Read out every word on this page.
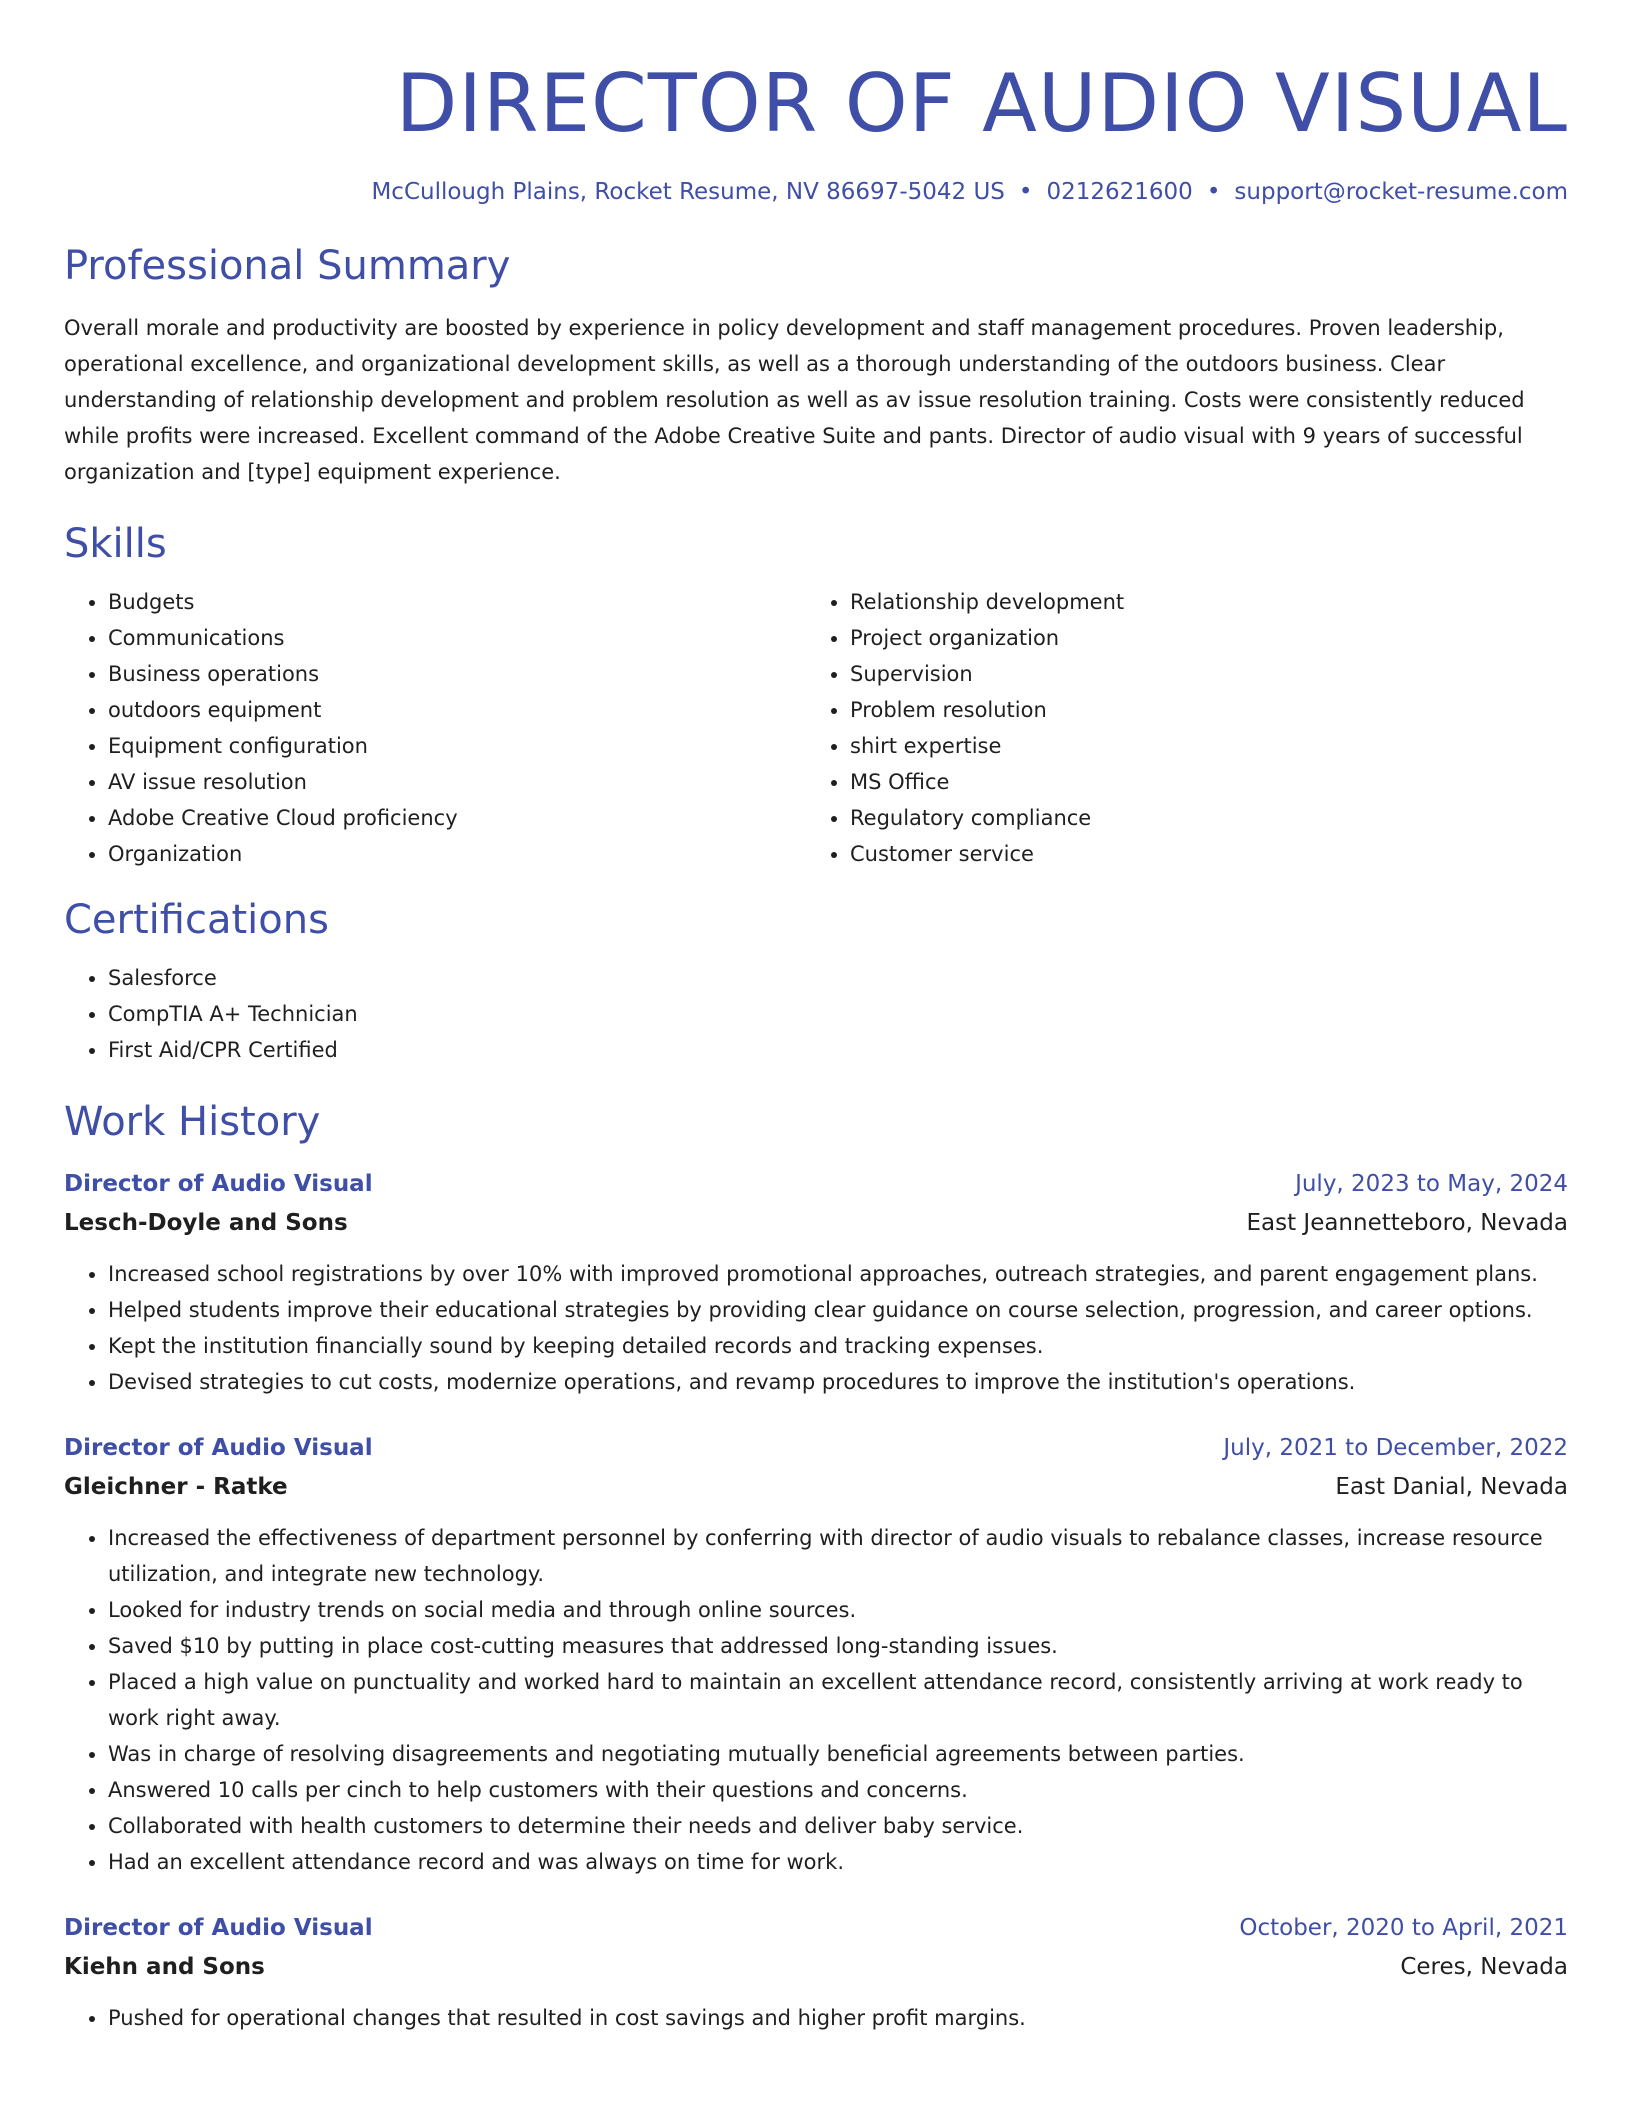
DIRECTOR OF AUDIO VISUAL
McCullough Plains, Rocket Resume, NV 86697-5042 US • 0212621600 • support@rocket-resume.com
Professional Summary

Overall morale and productivity are boosted by experience in policy development and staff management procedures. Proven leadership, operational excellence, and organizational development skills, as well as a thorough understanding of the outdoors business. Clear understanding of relationship development and problem resolution as well as av issue resolution training. Costs were consistently reduced while profits were increased. Excellent command of the Adobe Creative Suite and pants. Director of audio visual with 9 years of successful organization and [type] equipment experience.

Skills
• Budgets
• Communications
• Business operations
• outdoors equipment
• Equipment configuration
• AV issue resolution
• Adobe Creative Cloud proficiency
• Organization
• Relationship development
• Project organization
• Supervision
• Problem resolution
• shirt expertise
• MS Office
• Regulatory compliance
• Customer service
Certifications
• Salesforce
• CompTIA A+ Technician
• First Aid/CPR Certified
Work History
Director of Audio Visual	July, 2023 to May, 2024
Lesch-Doyle and Sons	East Jeannetteboro, Nevada
• Increased school registrations by over 10% with improved promotional approaches, outreach strategies, and parent engagement plans.
• Helped students improve their educational strategies by providing clear guidance on course selection, progression, and career options.
• Kept the institution financially sound by keeping detailed records and tracking expenses.
• Devised strategies to cut costs, modernize operations, and revamp procedures to improve the institution's operations.
Director of Audio Visual	July, 2021 to December, 2022
Gleichner - Ratke	East Danial, Nevada
• Increased the effectiveness of department personnel by conferring with director of audio visuals to rebalance classes, increase resource utilization, and integrate new technology.
• Looked for industry trends on social media and through online sources.
• Saved $10 by putting in place cost-cutting measures that addressed long-standing issues.
• Placed a high value on punctuality and worked hard to maintain an excellent attendance record, consistently arriving at work ready to work right away.
• Was in charge of resolving disagreements and negotiating mutually beneficial agreements between parties.
• Answered 10 calls per cinch to help customers with their questions and concerns.
• Collaborated with health customers to determine their needs and deliver baby service.
• Had an excellent attendance record and was always on time for work.
Director of Audio Visual	October, 2020 to April, 2021
Kiehn and Sons	Ceres, Nevada
• Pushed for operational changes that resulted in cost savings and higher profit margins.
